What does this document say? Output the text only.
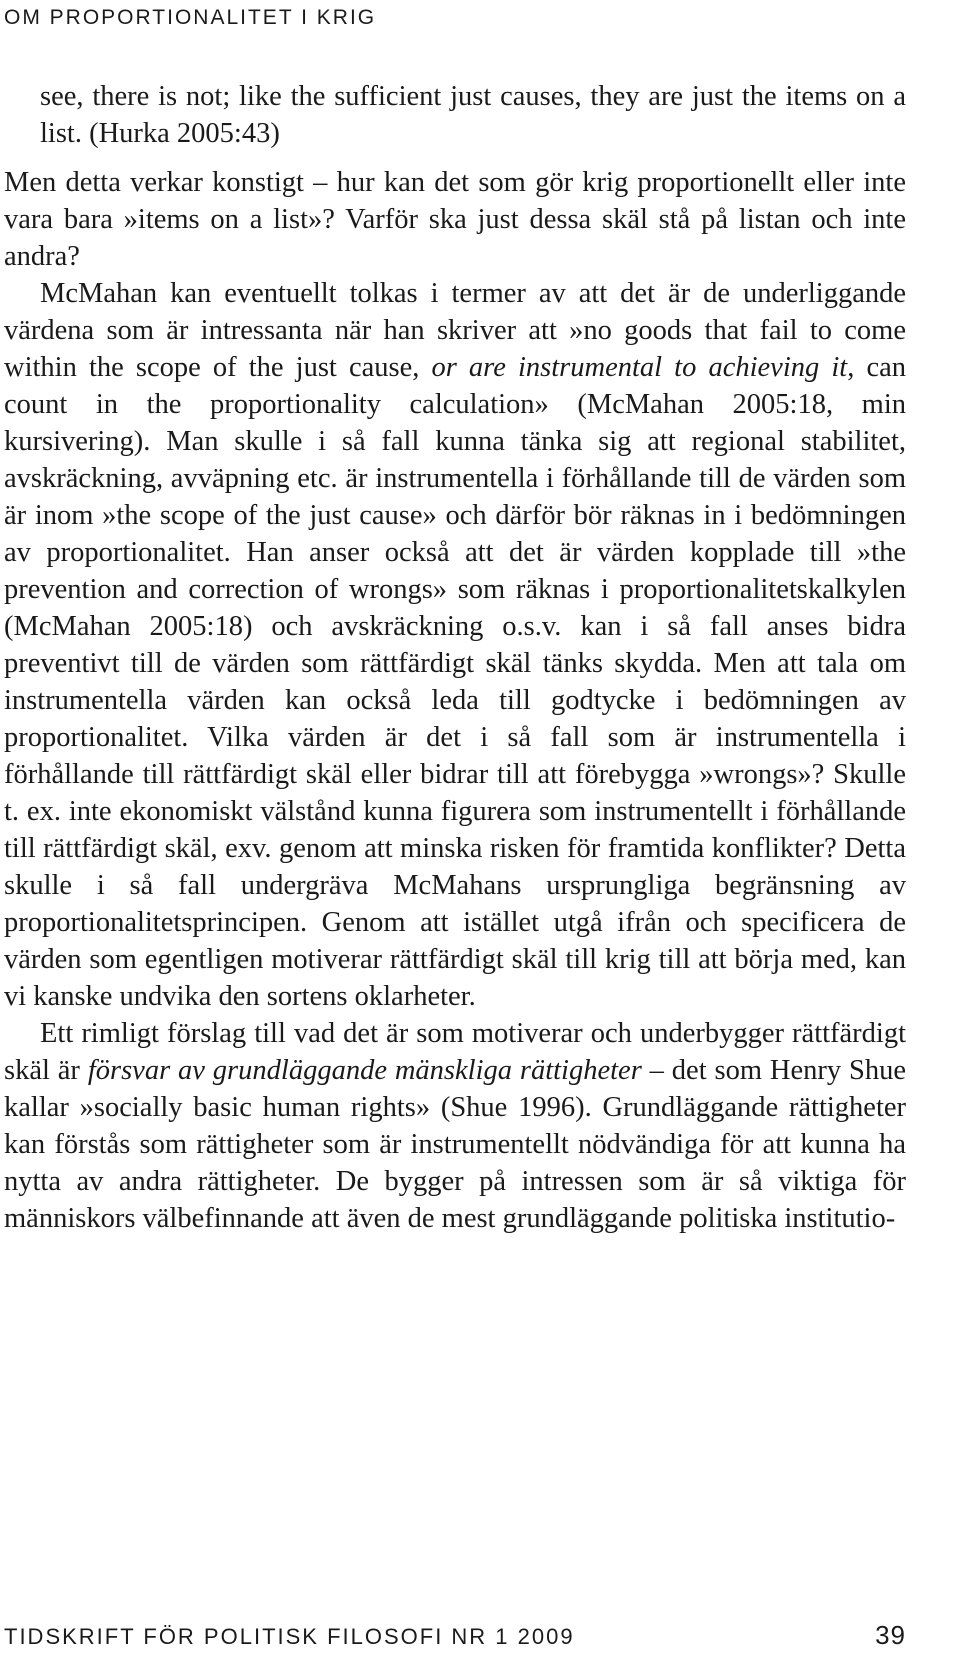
OM PROPORTIONALITET I KRIG

see, there is not; like the sufficient just causes, they are just the items on a list. (Hurka 2005:43)

Men detta verkar konstigt – hur kan det som gör krig proportionellt eller inte vara bara »items on a list»? Varför ska just dessa skäl stå på listan och inte andra?

McMahan kan eventuellt tolkas i termer av att det är de underliggande värdena som är intressanta när han skriver att »no goods that fail to come within the scope of the just cause, or are instrumental to achieving it, can count in the proportionality calculation» (McMahan 2005:18, min kursivering). Man skulle i så fall kunna tänka sig att regional stabilitet, avskräckning, avväpning etc. är instrumentella i förhållande till de värden som är inom »the scope of the just cause» och därför bör räknas in i bedömningen av proportionalitet. Han anser också att det är värden kopplade till »the prevention and correction of wrongs» som räknas i proportionalitetskalkylen (McMahan 2005:18) och avskräckning o.s.v. kan i så fall anses bidra preventivt till de värden som rättfärdigt skäl tänks skydda. Men att tala om instrumentella värden kan också leda till godtycke i bedömningen av proportionalitet. Vilka värden är det i så fall som är instrumentella i förhållande till rättfärdigt skäl eller bidrar till att förebygga »wrongs»? Skulle t. ex. inte ekonomiskt välstånd kunna figurera som instrumentellt i förhållande till rättfärdigt skäl, exv. genom att minska risken för framtida konflikter? Detta skulle i så fall undergräva McMahans ursprungliga begränsning av proportionalitetsprincipen. Genom att istället utgå ifrån och specificera de värden som egentligen motiverar rättfärdigt skäl till krig till att börja med, kan vi kanske undvika den sortens oklarheter.

Ett rimligt förslag till vad det är som motiverar och underbygger rättfärdigt skäl är försvar av grundläggande mänskliga rättigheter – det som Henry Shue kallar »socially basic human rights» (Shue 1996). Grundläggande rättigheter kan förstås som rättigheter som är instrumentellt nödvändiga för att kunna ha nytta av andra rättigheter. De bygger på intressen som är så viktiga för människors välbefinnande att även de mest grundläggande politiska institutio-

TIDSKRIFT FÖR POLITISK FILOSOFI NR 1 2009	39
